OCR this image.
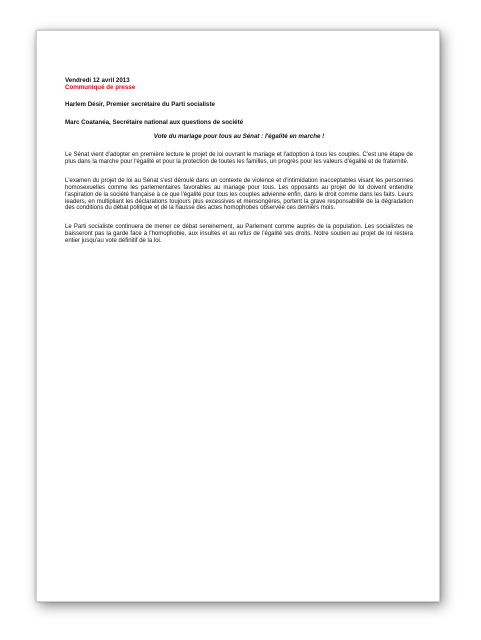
Vendredi 12 avril 2013
Communiqué de presse
Harlem Désir, Premier secrétaire du Parti socialiste
Marc Coatanéa, Secrétaire national aux questions de société
Vote du mariage pour tous au Sénat : l'égalité en marche !
Le Sénat vient d'adopter en première lecture le projet de loi ouvrant le mariage et l'adoption à tous les couples. C'est une étape de plus dans la marche pour l'égalité et pour la protection de toutes les familles, un progrès pour les valeurs d'égalité et de fraternité.
L'examen du projet de loi au Sénat s'est déroulé dans un contexte de violence et d'intimidation inacceptables visant les personnes homosexuelles comme les parlementaires favorables au mariage pour tous. Les opposants au projet de loi doivent entendre l'aspiration de la société française à ce que l'égalité pour tous les couples advienne enfin, dans le droit comme dans les faits. Leurs leaders, en multipliant les déclarations toujours plus excessives et mensongères, portent la grave responsabilité de la dégradation des conditions du débat politique et de la hausse des actes homophobes observée ces derniers mois.
Le Parti socialiste continuera de mener ce débat sereinement, au Parlement comme auprès de la population. Les socialistes ne baisseront pas la garde face à l'homophobie, aux insultes et au refus de l'égalité ses droits. Notre soutien au projet de loi restera entier jusqu'au vote définitif de la loi.
